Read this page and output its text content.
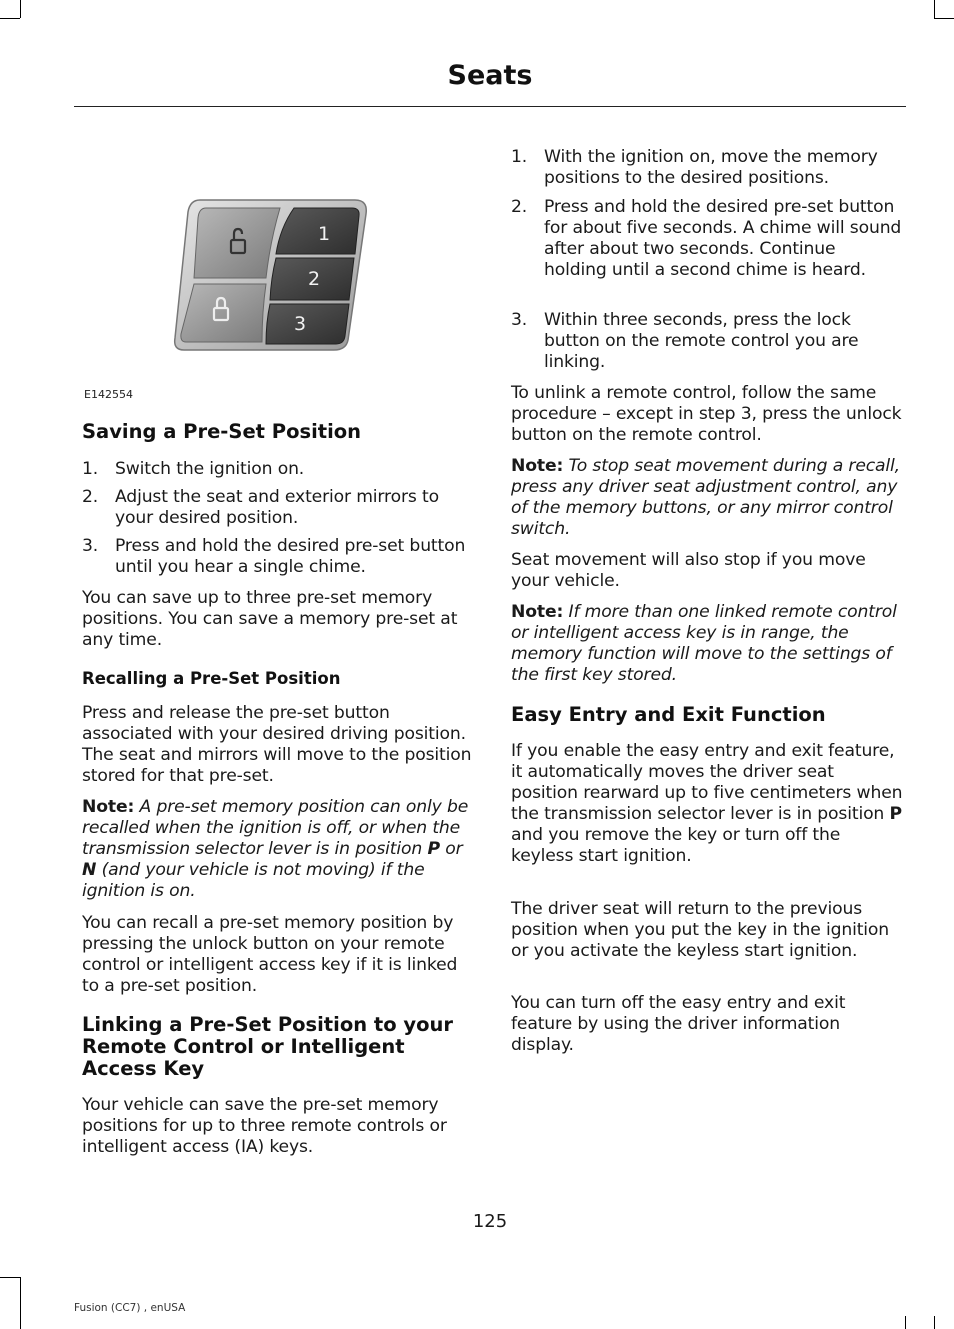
Seats
1
2
3
E142554
Saving a Pre-Set Position
1. Switch the ignition on.
2. Adjust the seat and exterior mirrors to your desired position.
3. Press and hold the desired pre-set button until you hear a single chime.

You can save up to three pre-set memory positions. You can save a memory pre-set at any time.

Recalling a Pre-Set Position

Press and release the pre-set button associated with your desired driving position. The seat and mirrors will move to the position stored for that pre-set.

Note: A pre-set memory position can only be recalled when the ignition is off, or when the transmission selector lever is in position P or N (and your vehicle is not moving) if the ignition is on.

You can recall a pre-set memory position by pressing the unlock button on your remote control or intelligent access key if it is linked to a pre-set position.

Linking a Pre-Set Position to your Remote Control or Intelligent Access Key

Your vehicle can save the pre-set memory positions for up to three remote controls or intelligent access (IA) keys.

1. With the ignition on, move the memory positions to the desired positions.
2. Press and hold the desired pre-set button for about five seconds. A chime will sound after about two seconds. Continue holding until a second chime is heard.
3. Within three seconds, press the lock button on the remote control you are linking.

To unlink a remote control, follow the same procedure – except in step 3, press the unlock button on the remote control.

Note: To stop seat movement during a recall, press any driver seat adjustment control, any of the memory buttons, or any mirror control switch.

Seat movement will also stop if you move your vehicle.

Note: If more than one linked remote control or intelligent access key is in range, the memory function will move to the settings of the first key stored.

Easy Entry and Exit Function

If you enable the easy entry and exit feature, it automatically moves the driver seat position rearward up to five centimeters when the transmission selector lever is in position P and you remove the key or turn off the keyless start ignition.

The driver seat will return to the previous position when you put the key in the ignition or you activate the keyless start ignition.

You can turn off the easy entry and exit feature by using the driver information display.

125
Fusion (CC7) , enUSA
